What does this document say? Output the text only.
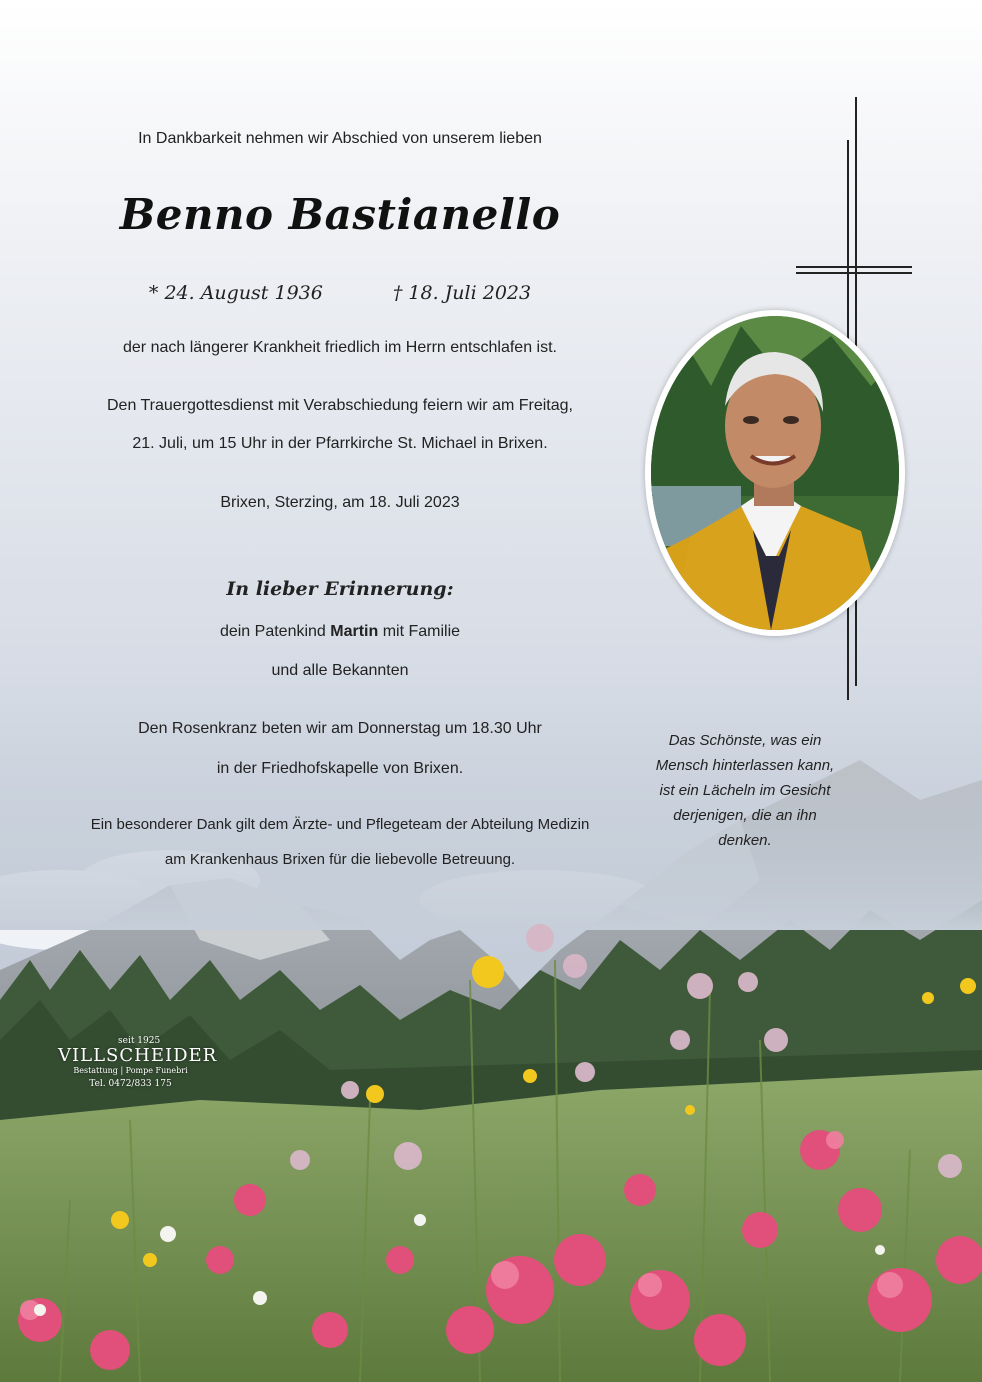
In Dankbarkeit nehmen wir Abschied von unserem lieben
Benno Bastianello
* 24. August 1936	† 18. Juli 2023
der nach längerer Krankheit friedlich im Herrn entschlafen ist.
Den Trauergottesdienst mit Verabschiedung feiern wir am Freitag,
21. Juli, um 15 Uhr in der Pfarrkirche St. Michael in Brixen.
Brixen, Sterzing, am 18. Juli 2023
In lieber Erinnerung:
dein Patenkind Martin mit Familie
und alle Bekannten
Den Rosenkranz beten wir am Donnerstag um 18.30 Uhr
in der Friedhofskapelle von Brixen.
Ein besonderer Dank gilt dem Ärzte- und Pflegeteam der Abteilung Medizin
am Krankenhaus Brixen für die liebevolle Betreuung.
Das Schönste, was ein
Mensch hinterlassen kann,
ist ein Lächeln im Gesicht
derjenigen, die an ihn
denken.
seit 1925
VILLSCHEIDER
Bestattung | Pompe Funebri
Tel. 0472/833 175
